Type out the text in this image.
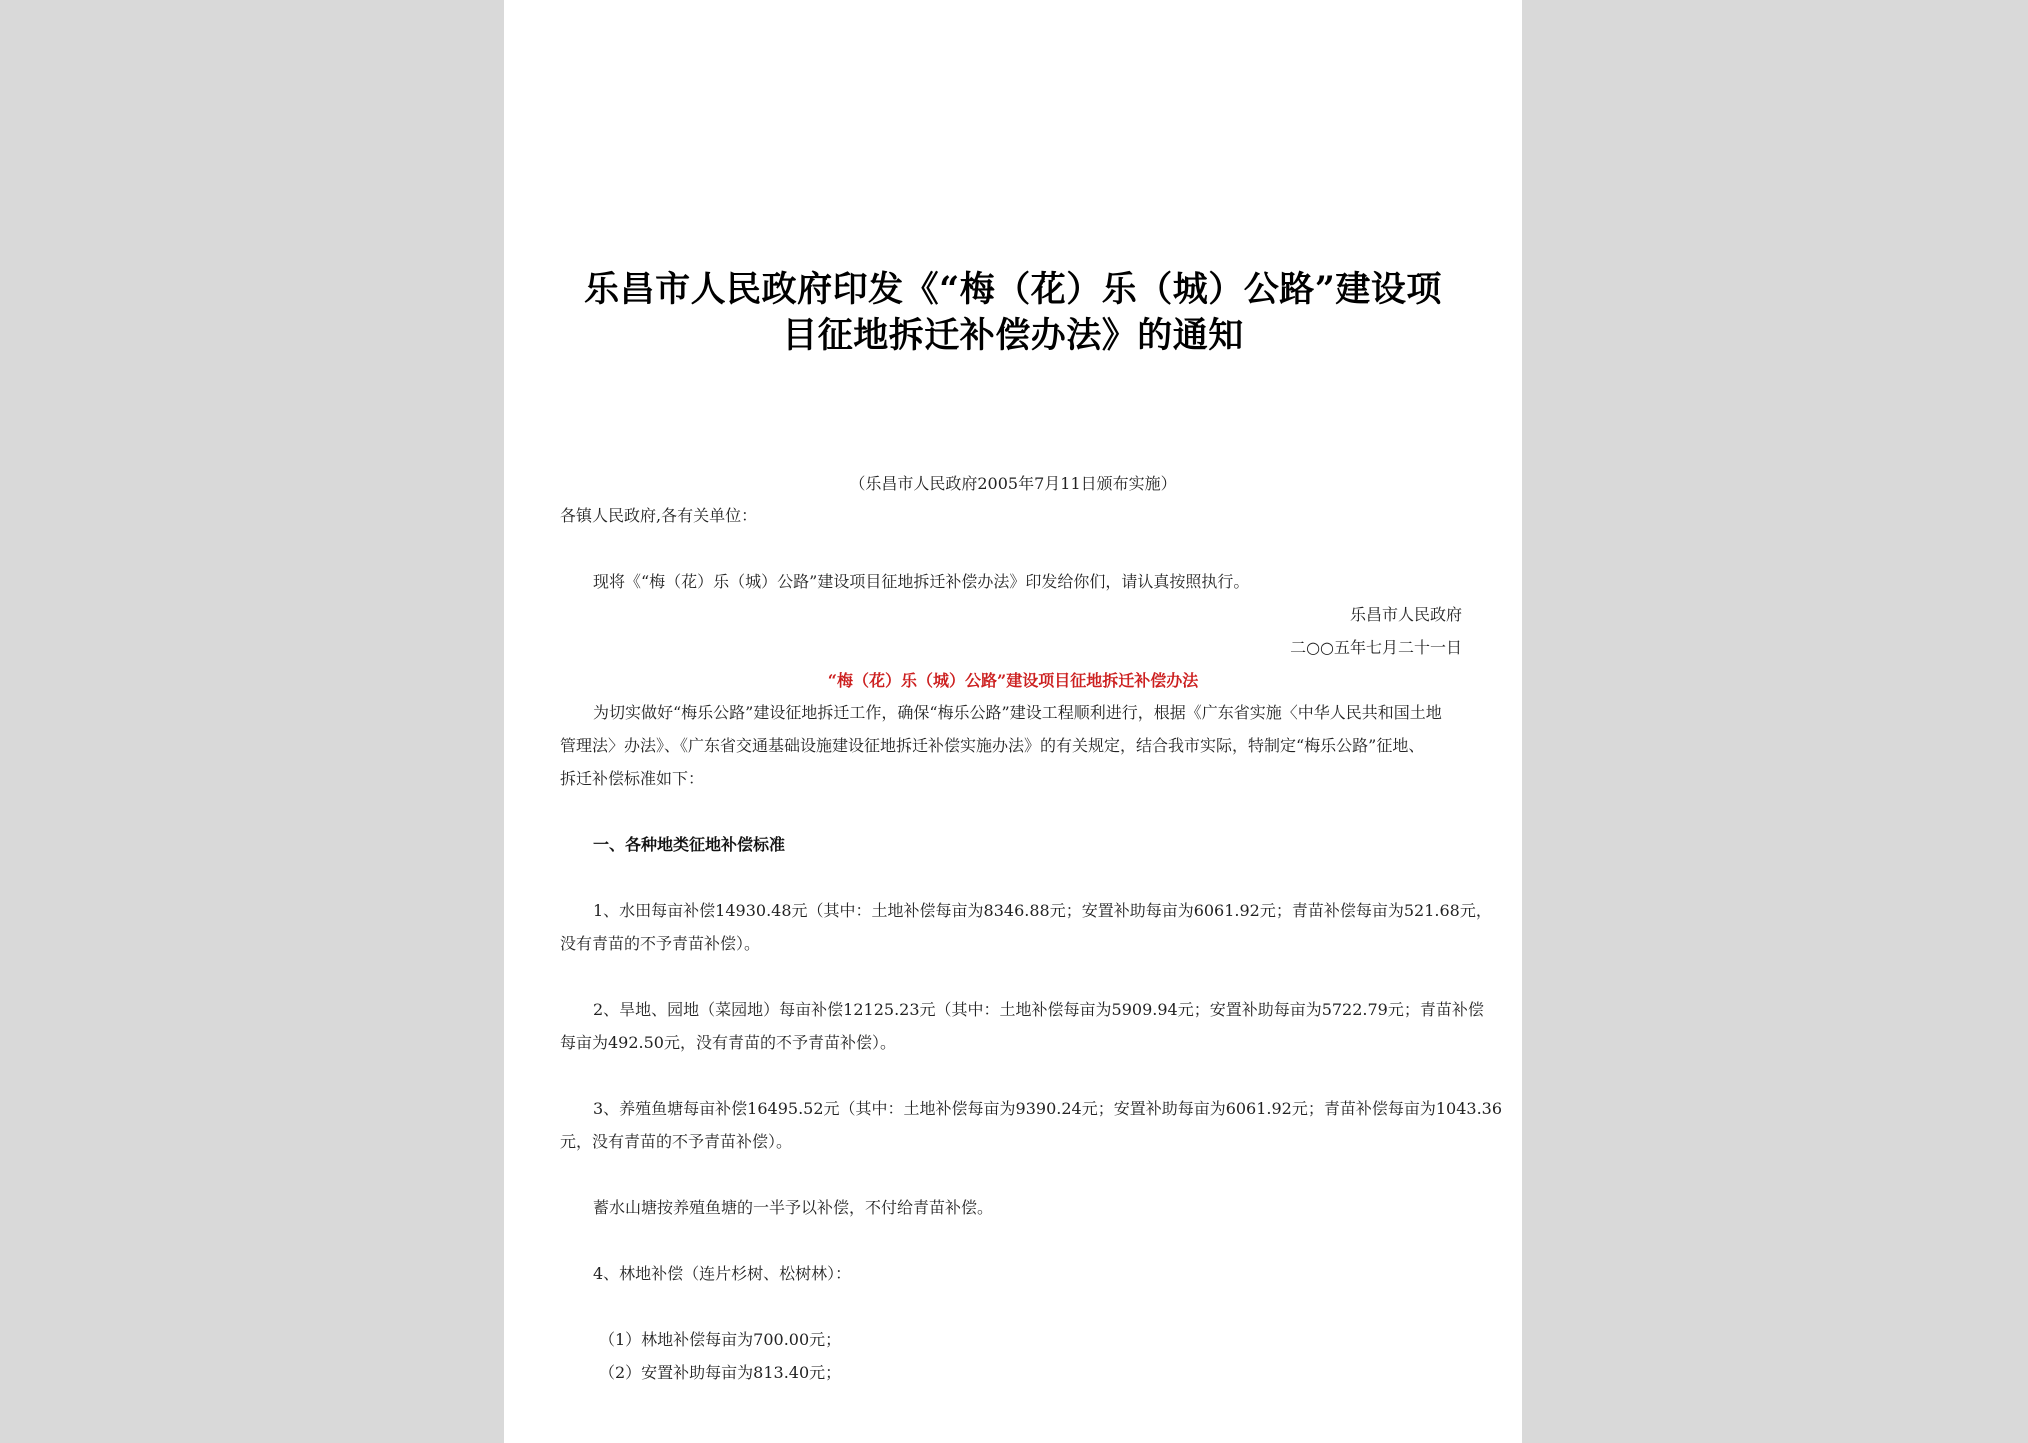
乐昌市人民政府印发《“梅（花）乐（城）公路”建设项
目征地拆迁补偿办法》的通知
（乐昌市人民政府2005年7月11日颁布实施）
各镇人民政府,各有关单位：
现将《“梅（花）乐（城）公路”建设项目征地拆迁补偿办法》印发给你们，请认真按照执行。
乐昌市人民政府
二○○五年七月二十一日
“梅（花）乐（城）公路”建设项目征地拆迁补偿办法
为切实做好“梅乐公路”建设征地拆迁工作，确保“梅乐公路”建设工程顺利进行，根据《广东省实施〈中华人民共和国土地
管理法〉办法》、《广东省交通基础设施建设征地拆迁补偿实施办法》的有关规定，结合我市实际，特制定“梅乐公路”征地、
拆迁补偿标准如下：
一、各种地类征地补偿标准
1、水田每亩补偿14930.48元（其中：土地补偿每亩为8346.88元；安置补助每亩为6061.92元；青苗补偿每亩为521.68元，
没有青苗的不予青苗补偿）。
2、旱地、园地（菜园地）每亩补偿12125.23元（其中：土地补偿每亩为5909.94元；安置补助每亩为5722.79元；青苗补偿
每亩为492.50元，没有青苗的不予青苗补偿）。
3、养殖鱼塘每亩补偿16495.52元（其中：土地补偿每亩为9390.24元；安置补助每亩为6061.92元；青苗补偿每亩为1043.36
元，没有青苗的不予青苗补偿）。
蓄水山塘按养殖鱼塘的一半予以补偿，不付给青苗补偿。
4、林地补偿（连片杉树、松树林）：
（1）林地补偿每亩为700.00元；
（2）安置补助每亩为813.40元；
